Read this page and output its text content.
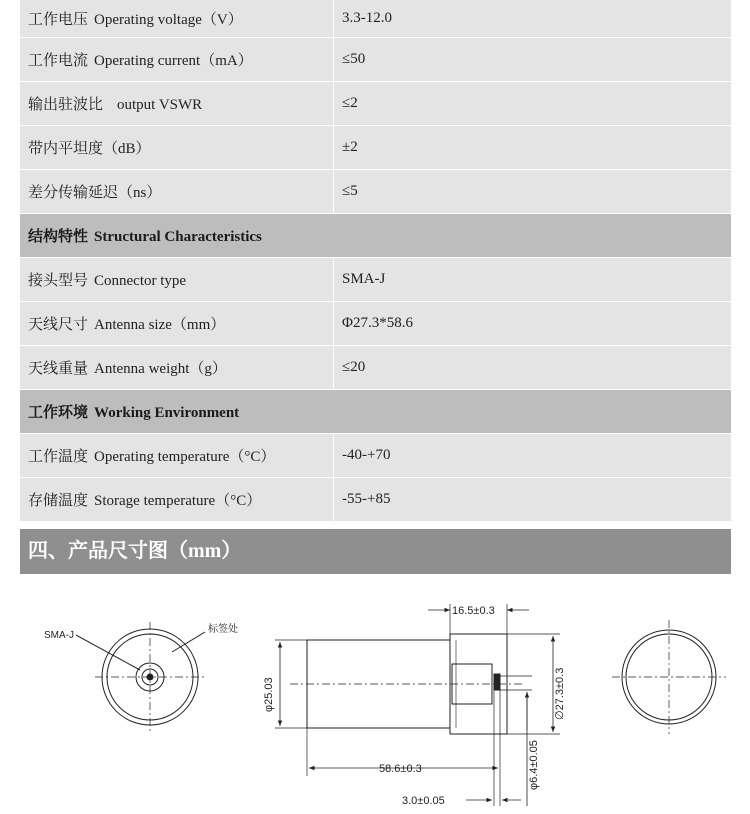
工作电压 Operating voltage（V）	3.3-12.0
工作电流 Operating current（mA）	≤50
输出驻波比 output VSWR	≤2
带内平坦度（dB）	±2
差分传输延迟（ns）	≤5
结构特性 Structural Characteristics	
接头型号 Connector type	SMA-J
天线尺寸 Antenna size（mm）	Φ27.3*58.6
天线重量 Antenna weight（g）	≤20
工作环境 Working Environment	
工作温度 Operating temperature（°C）	-40-+70
存储温度 Storage temperature（°C）	-55-+85
四、产品尺寸图（mm）
SMA-J
标签处
16.5±0.3
φ25.03	∅27.3±0.3
58.6±0.3	φ6.4±0.05
3.0±0.05
